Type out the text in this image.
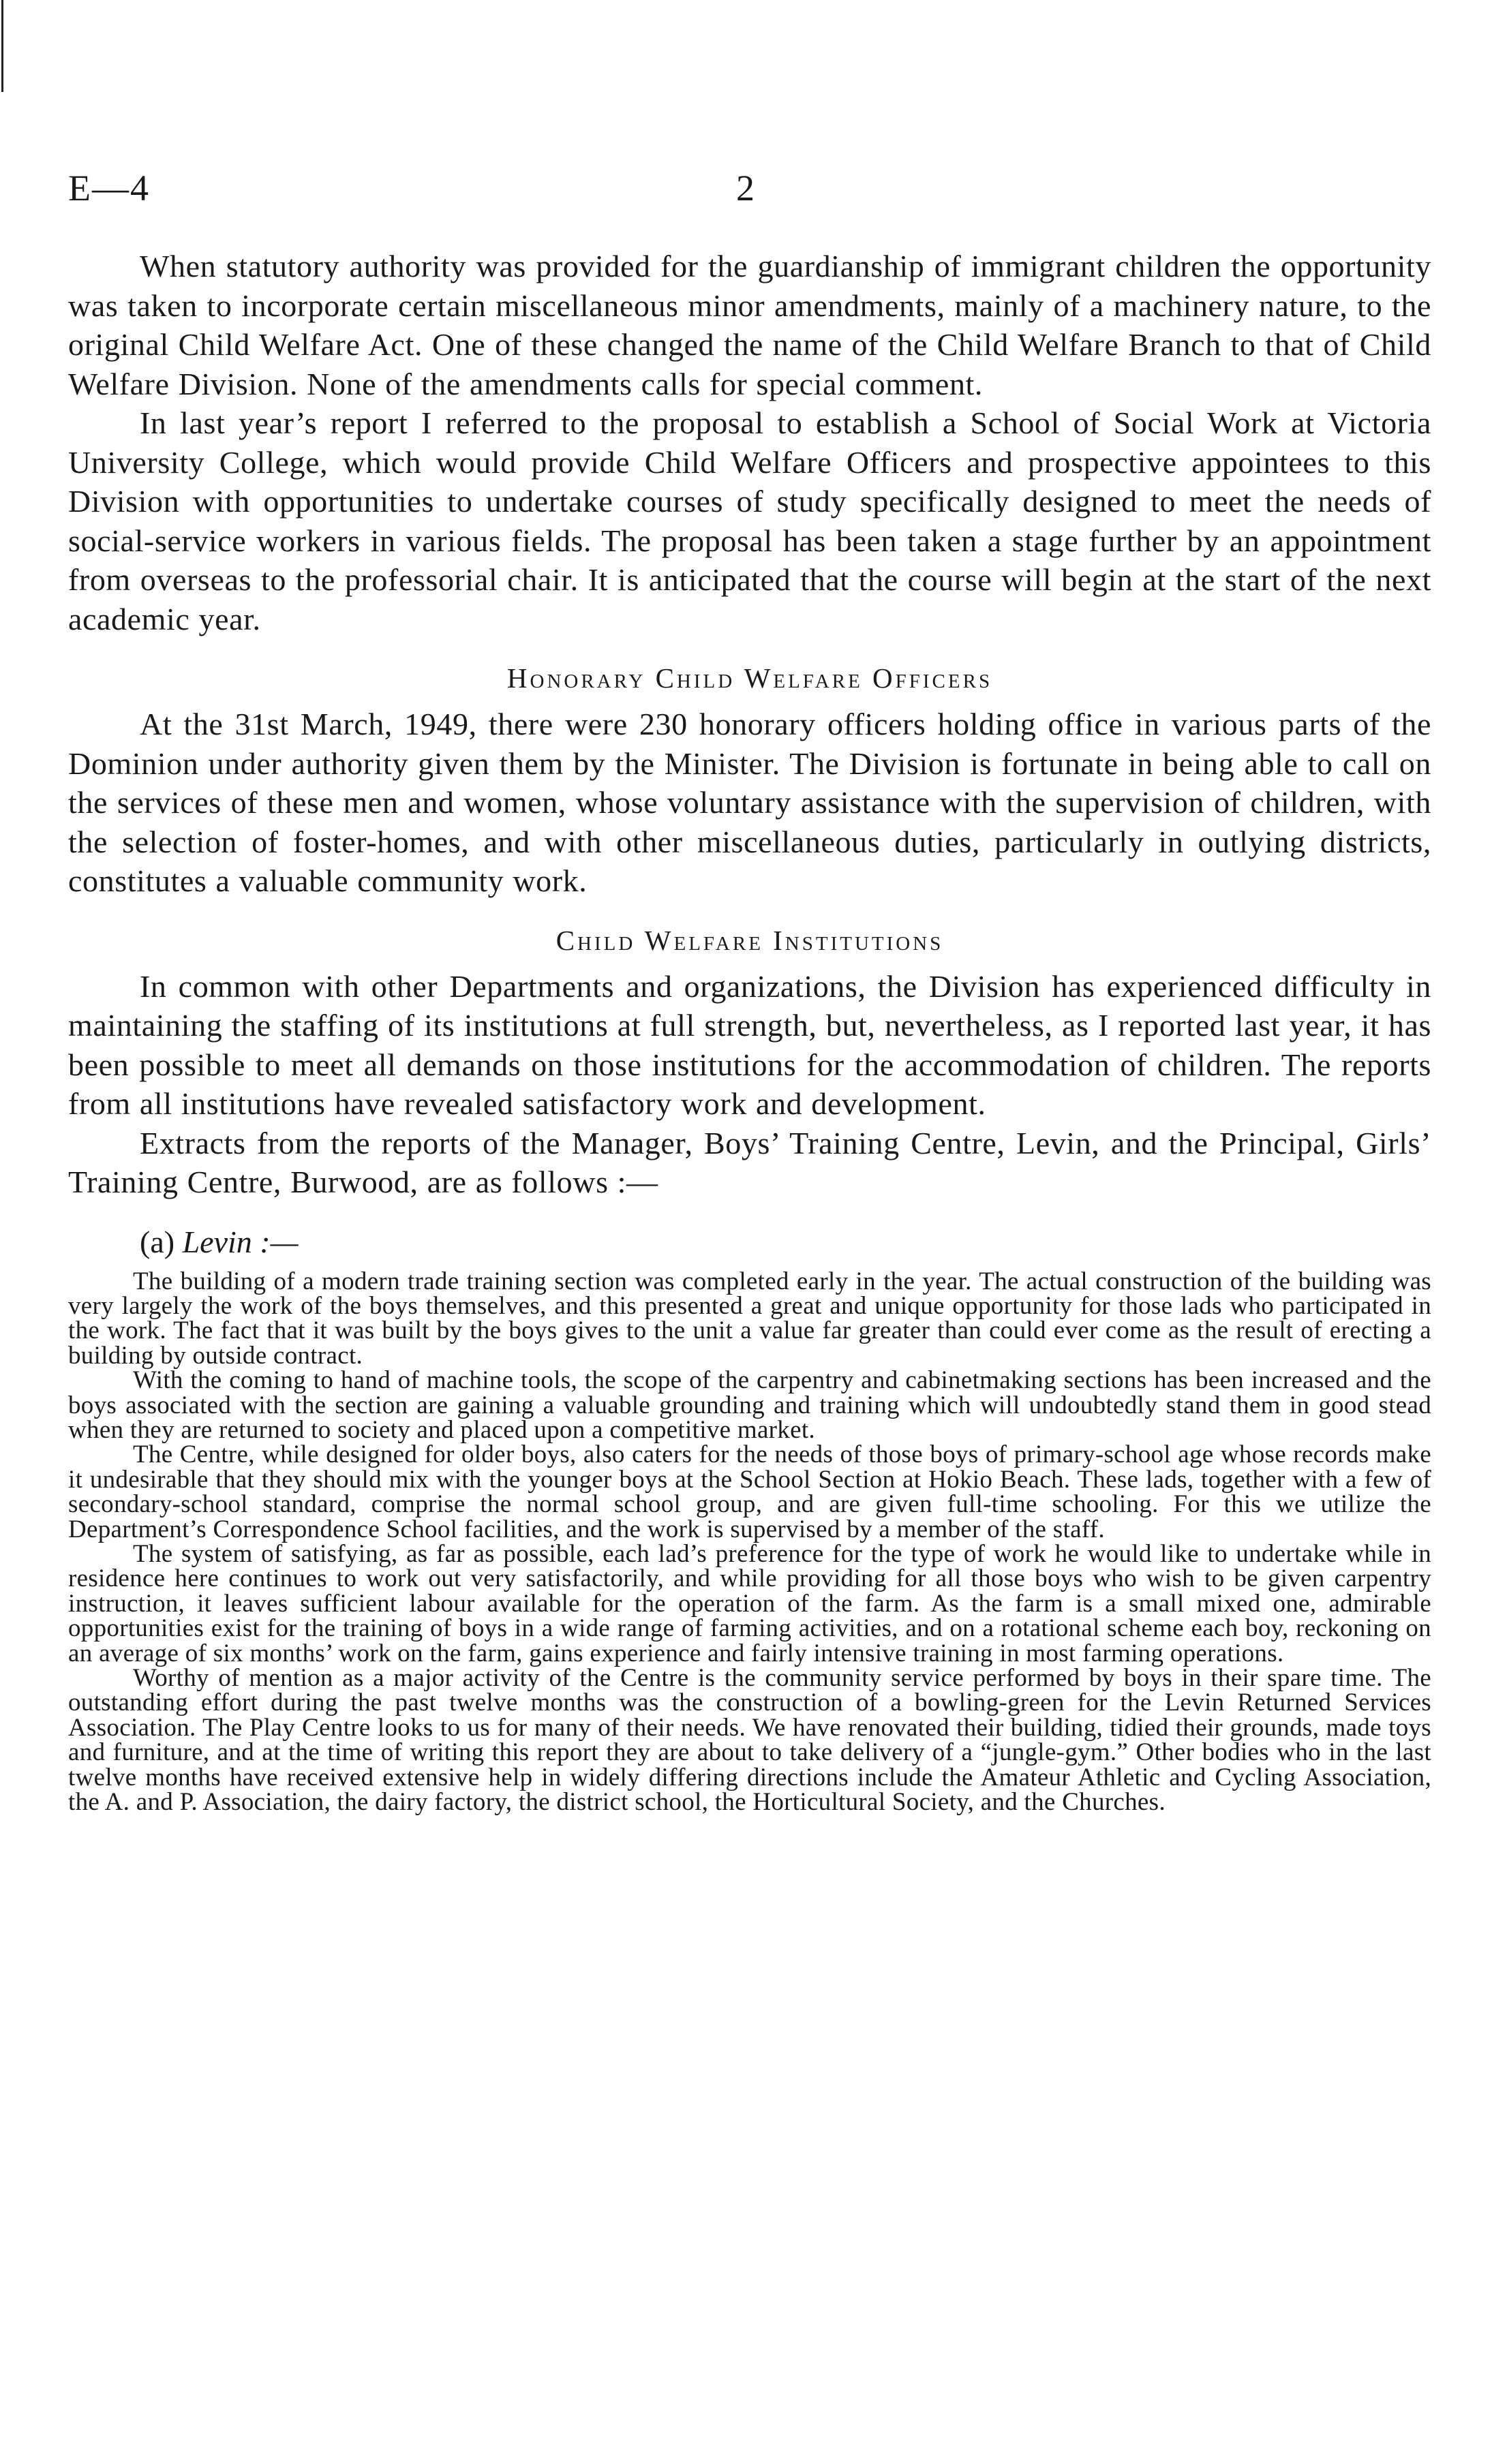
E—4	2

When statutory authority was provided for the guardianship of immigrant children the opportunity was taken to incorporate certain miscellaneous minor amendments, mainly of a machinery nature, to the original Child Welfare Act. One of these changed the name of the Child Welfare Branch to that of Child Welfare Division. None of the amendments calls for special comment.

In last year’s report I referred to the proposal to establish a School of Social Work at Victoria University College, which would provide Child Welfare Officers and prospective appointees to this Division with opportunities to undertake courses of study specifically designed to meet the needs of social-service workers in various fields. The proposal has been taken a stage further by an appointment from overseas to the professorial chair. It is anticipated that the course will begin at the start of the next academic year.

Honorary Child Welfare Officers

At the 31st March, 1949, there were 230 honorary officers holding office in various parts of the Dominion under authority given them by the Minister. The Division is fortunate in being able to call on the services of these men and women, whose voluntary assistance with the supervision of children, with the selection of foster-homes, and with other miscellaneous duties, particularly in outlying districts, constitutes a valuable community work.

Child Welfare Institutions

In common with other Departments and organizations, the Division has experienced difficulty in maintaining the staffing of its institutions at full strength, but, nevertheless, as I reported last year, it has been possible to meet all demands on those institutions for the accommodation of children. The reports from all institutions have revealed satisfactory work and development.

Extracts from the reports of the Manager, Boys’ Training Centre, Levin, and the Principal, Girls’ Training Centre, Burwood, are as follows :—

(a) Levin :—

The building of a modern trade training section was completed early in the year. The actual construction of the building was very largely the work of the boys themselves, and this presented a great and unique opportunity for those lads who participated in the work. The fact that it was built by the boys gives to the unit a value far greater than could ever come as the result of erecting a building by outside contract.

With the coming to hand of machine tools, the scope of the carpentry and cabinetmaking sections has been increased and the boys associated with the section are gaining a valuable grounding and training which will undoubtedly stand them in good stead when they are returned to society and placed upon a competitive market.

The Centre, while designed for older boys, also caters for the needs of those boys of primary-school age whose records make it undesirable that they should mix with the younger boys at the School Section at Hokio Beach. These lads, together with a few of secondary-school standard, comprise the normal school group, and are given full-time schooling. For this we utilize the Department’s Correspondence School facilities, and the work is supervised by a member of the staff.

The system of satisfying, as far as possible, each lad’s preference for the type of work he would like to undertake while in residence here continues to work out very satisfactorily, and while providing for all those boys who wish to be given carpentry instruction, it leaves sufficient labour available for the operation of the farm. As the farm is a small mixed one, admirable opportunities exist for the training of boys in a wide range of farming activities, and on a rotational scheme each boy, reckoning on an average of six months’ work on the farm, gains experience and fairly intensive training in most farming operations.

Worthy of mention as a major activity of the Centre is the community service performed by boys in their spare time. The outstanding effort during the past twelve months was the construction of a bowling-green for the Levin Returned Services Association. The Play Centre looks to us for many of their needs. We have renovated their building, tidied their grounds, made toys and furniture, and at the time of writing this report they are about to take delivery of a “jungle-gym.” Other bodies who in the last twelve months have received extensive help in widely differing directions include the Amateur Athletic and Cycling Association, the A. and P. Association, the dairy factory, the district school, the Horticultural Society, and the Churches.
